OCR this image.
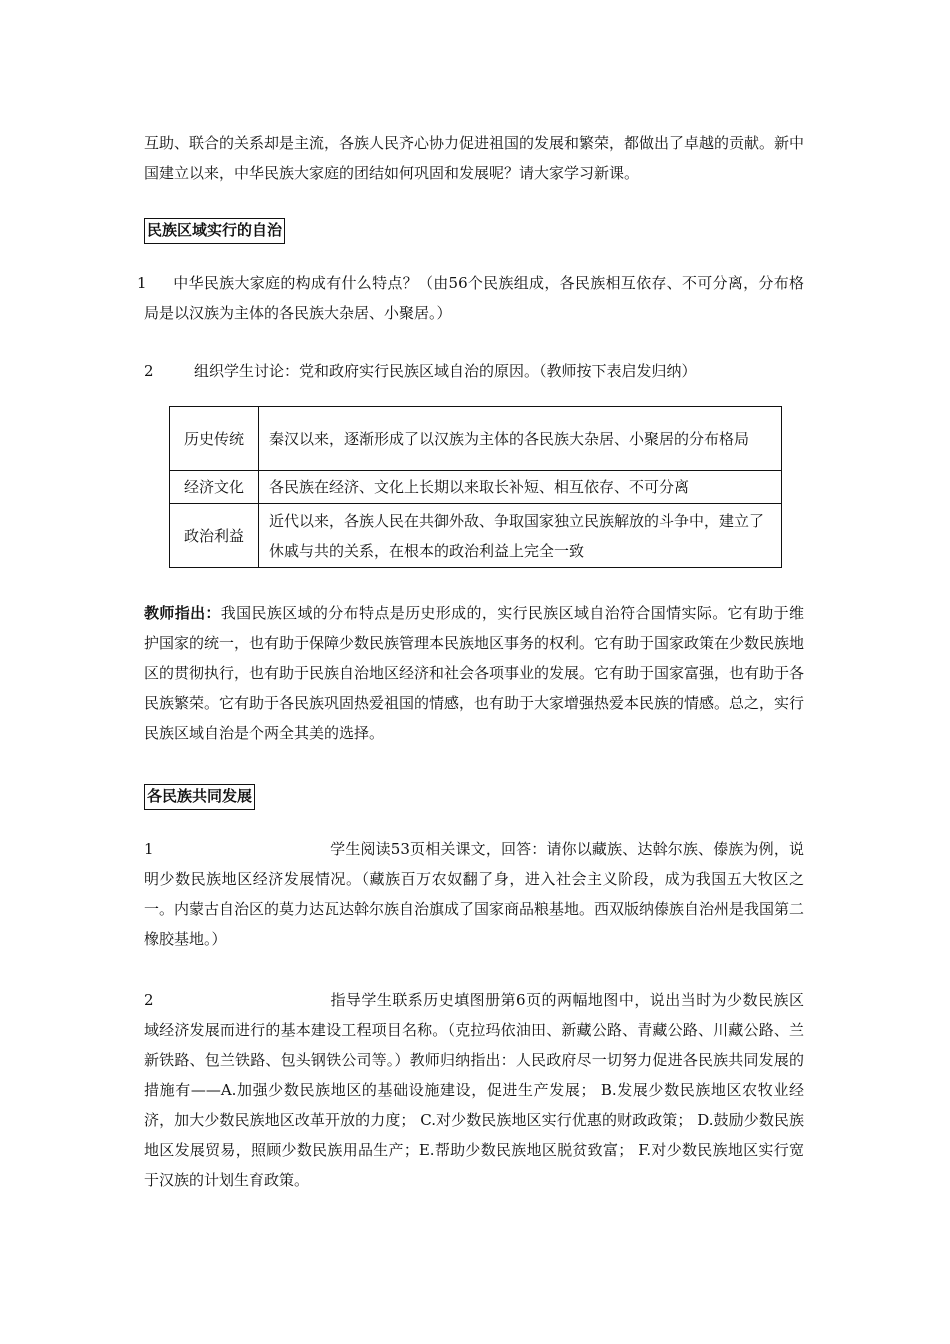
互助、联合的关系却是主流，各族人民齐心协力促进祖国的发展和繁荣，都做出了卓越的贡献。新中国建立以来，中华民族大家庭的团结如何巩固和发展呢？请大家学习新课。

民族区域实行的自治

1 中华民族大家庭的构成有什么特点？（由56个民族组成，各民族相互依存、不可分离，分布格局是以汉族为主体的各民族大杂居、小聚居。）

2	组织学生讨论：党和政府实行民族区域自治的原因。（教师按下表启发归纳）

历史传统	秦汉以来，逐渐形成了以汉族为主体的各民族大杂居、小聚居的分布格局
经济文化	各民族在经济、文化上长期以来取长补短、相互依存、不可分离
政治利益	近代以来，各族人民在共御外敌、争取国家独立民族解放的斗争中，建立了休戚与共的关系，在根本的政治利益上完全一致

教师指出：我国民族区域的分布特点是历史形成的，实行民族区域自治符合国情实际。它有助于维护国家的统一，也有助于保障少数民族管理本民族地区事务的权利。它有助于国家政策在少数民族地区的贯彻执行，也有助于民族自治地区经济和社会各项事业的发展。它有助于国家富强，也有助于各民族繁荣。它有助于各民族巩固热爱祖国的情感，也有助于大家增强热爱本民族的情感。总之，实行民族区域自治是个两全其美的选择。

各民族共同发展

1	学生阅读53页相关课文，回答：请你以藏族、达斡尔族、傣族为例，说明少数民族地区经济发展情况。（藏族百万农奴翻了身，进入社会主义阶段，成为我国五大牧区之一。内蒙古自治区的莫力达瓦达斡尔族自治旗成了国家商品粮基地。西双版纳傣族自治州是我国第二橡胶基地。）

2	指导学生联系历史填图册第6页的两幅地图中，说出当时为少数民族区域经济发展而进行的基本建设工程项目名称。（克拉玛依油田、新藏公路、青藏公路、川藏公路、兰新铁路、包兰铁路、包头钢铁公司等。）教师归纳指出：人民政府尽一切努力促进各民族共同发展的措施有——A.加强少数民族地区的基础设施建设，促进生产发展； B.发展少数民族地区农牧业经济，加大少数民族地区改革开放的力度； C.对少数民族地区实行优惠的财政政策； D.鼓励少数民族地区发展贸易，照顾少数民族用品生产；E.帮助少数民族地区脱贫致富； F.对少数民族地区实行宽于汉族的计划生育政策。
